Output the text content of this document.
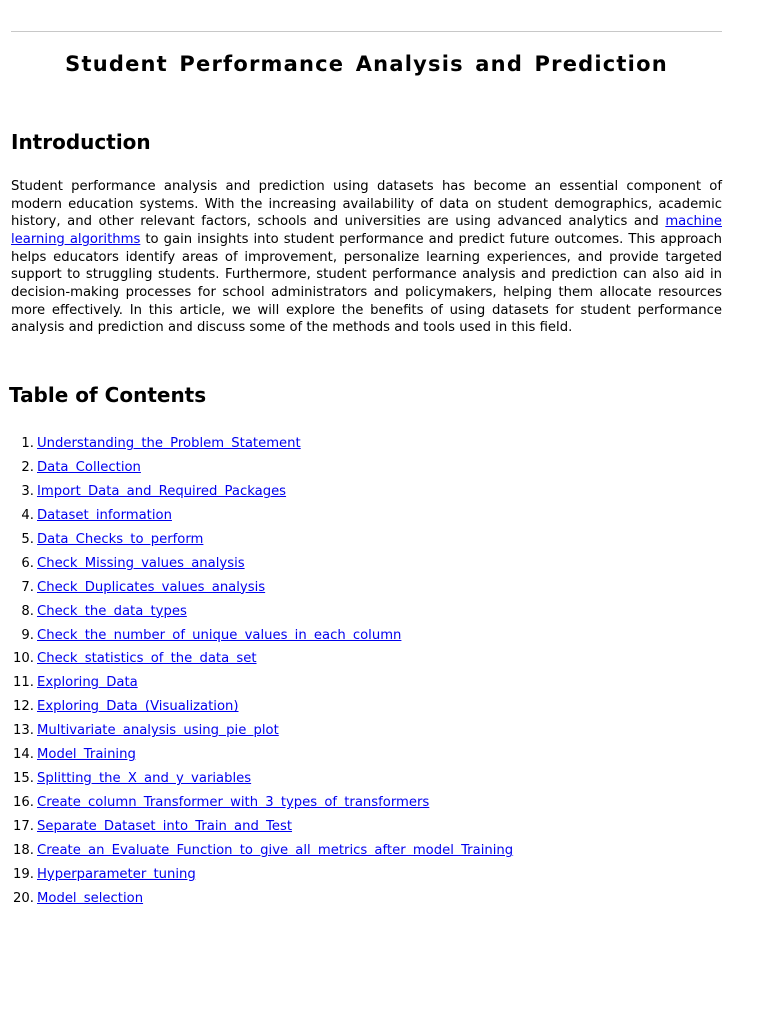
Student Performance Analysis and Prediction
Introduction

Student performance analysis and prediction using datasets has become an essential component of modern education systems. With the increasing availability of data on student demographics, academic history, and other relevant factors, schools and universities are using advanced analytics and machine learning algorithms to gain insights into student performance and predict future outcomes. This approach helps educators identify areas of improvement, personalize learning experiences, and provide targeted support to struggling students. Furthermore, student performance analysis and prediction can also aid in decision-making processes for school administrators and policymakers, helping them allocate resources more effectively. In this article, we will explore the benefits of using datasets for student performance analysis and prediction and discuss some of the methods and tools used in this field.

Table of Contents
1. Understanding the Problem Statement
2. Data Collection
3. Import Data and Required Packages
4. Dataset information
5. Data Checks to perform
6. Check Missing values analysis
7. Check Duplicates values analysis
8. Check the data types
9. Check the number of unique values in each column
10. Check statistics of the data set
11. Exploring Data
12. Exploring Data (Visualization)
13. Multivariate analysis using pie plot
14. Model Training
15. Splitting the X and y variables
16. Create column Transformer with 3 types of transformers
17. Separate Dataset into Train and Test
18. Create an Evaluate Function to give all metrics after model Training
19. Hyperparameter tuning
20. Model selection
